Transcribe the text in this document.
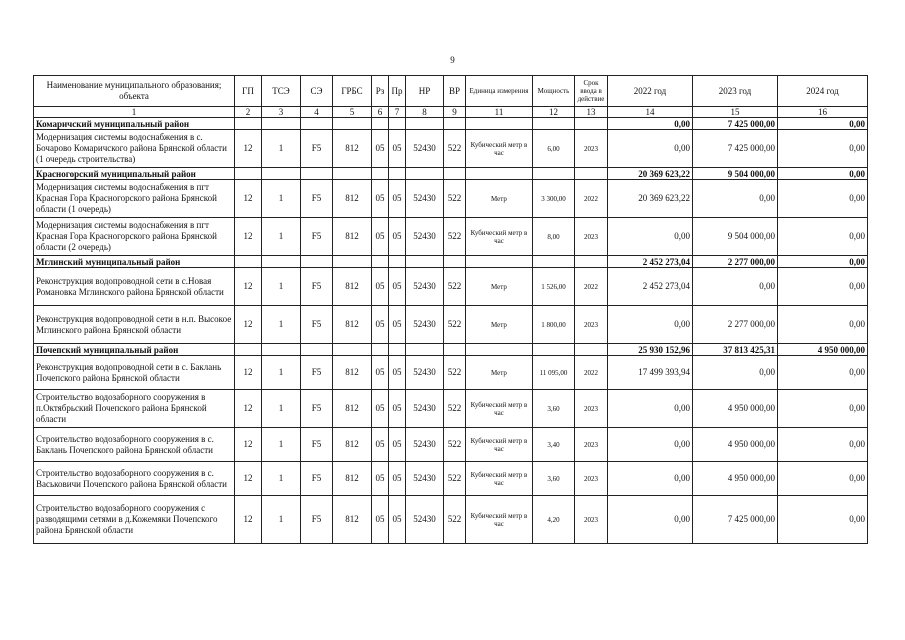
9
Наименование муниципального образования; объекта	ГП	ТСЭ	СЭ	ГРБС	Рз	Пр	НР	ВР	Единица измерения	Мощность	Срок ввода в действие	2022 год	2023 год	2024 год
1	2	3	4	5	6	7	8	9	11	12	13	14	15	16
Комаричский муниципальный район												0,00	7 425 000,00	0,00
Модернизация системы водоснабжения в с. Бочарово Комаричского района Брянской области (1 очередь строительства)	12	1	F5	812	05	05	52430	522	Кубический метр в час	6,00	2023	0,00	7 425 000,00	0,00
Красногорский муниципальный район												20 369 623,22	9 504 000,00	0,00
Модернизация системы водоснабжения в пгт Красная Гора Красногорского района Брянской области (1 очередь)	12	1	F5	812	05	05	52430	522	Метр	3 300,00	2022	20 369 623,22	0,00	0,00
Модернизация системы водоснабжения в пгт Красная Гора Красногорского района Брянской области (2 очередь)	12	1	F5	812	05	05	52430	522	Кубический метр в час	8,00	2023	0,00	9 504 000,00	0,00
Мглинский муниципальный район												2 452 273,04	2 277 000,00	0,00
Реконструкция водопроводной сети в с.Новая Романовка Мглинского района Брянской области	12	1	F5	812	05	05	52430	522	Метр	1 526,00	2022	2 452 273,04	0,00	0,00
Реконструкция водопроводной сети в н.п. Высокое Мглинского района Брянской области	12	1	F5	812	05	05	52430	522	Метр	1 800,00	2023	0,00	2 277 000,00	0,00
Почепский муниципальный район												25 930 152,96	37 813 425,31	4 950 000,00
Реконструкция водопроводной сети в с. Баклань Почепского района Брянской области	12	1	F5	812	05	05	52430	522	Метр	11 095,00	2022	17 499 393,94	0,00	0,00
Строительство водозаборного сооружения в п.Октябрьский Почепского района Брянской области	12	1	F5	812	05	05	52430	522	Кубический метр в час	3,60	2023	0,00	4 950 000,00	0,00
Строительство водозаборного сооружения в с. Баклань Почепского района Брянской области	12	1	F5	812	05	05	52430	522	Кубический метр в час	3,40	2023	0,00	4 950 000,00	0,00
Строительство водозаборного сооружения в с. Васьковичи Почепского района Брянской области	12	1	F5	812	05	05	52430	522	Кубический метр в час	3,60	2023	0,00	4 950 000,00	0,00
Строительство водозаборного сооружения с разводящими сетями в д.Кожемяки Почепского района Брянской области	12	1	F5	812	05	05	52430	522	Кубический метр в час	4,20	2023	0,00	7 425 000,00	0,00
